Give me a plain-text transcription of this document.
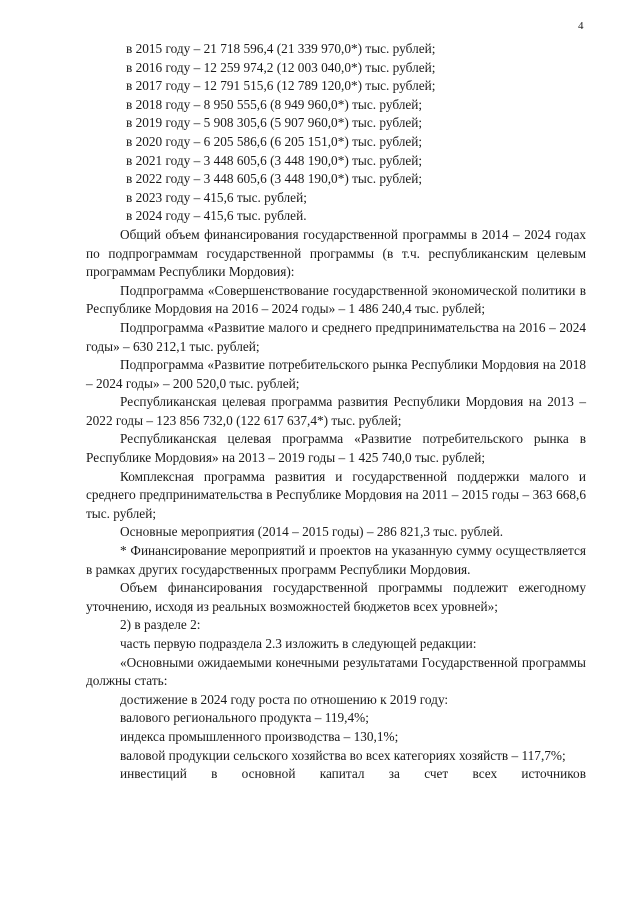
4
в 2015 году – 21 718 596,4 (21 339 970,0*) тыс. рублей;
в 2016 году – 12 259 974,2 (12 003 040,0*) тыс. рублей;
в 2017 году – 12 791 515,6 (12 789 120,0*) тыс. рублей;
в 2018 году – 8 950 555,6 (8 949 960,0*) тыс. рублей;
в 2019 году – 5 908 305,6 (5 907 960,0*) тыс. рублей;
в 2020 году – 6 205 586,6 (6 205 151,0*) тыс. рублей;
в 2021 году – 3 448 605,6 (3 448 190,0*) тыс. рублей;
в 2022 году – 3 448 605,6 (3 448 190,0*) тыс. рублей;
в 2023 году – 415,6 тыс. рублей;
в 2024 году – 415,6 тыс. рублей.
Общий объем финансирования государственной программы в 2014 – 2024 годах по подпрограммам государственной программы (в т.ч. республиканским целевым программам Республики Мордовия):
Подпрограмма «Совершенствование государственной экономической политики в Республике Мордовия на 2016 – 2024 годы» – 1 486 240,4 тыс. рублей;
Подпрограмма «Развитие малого и среднего предпринимательства на 2016 – 2024 годы» – 630 212,1 тыс. рублей;
Подпрограмма «Развитие потребительского рынка Республики Мордовия на 2018 – 2024 годы» – 200 520,0 тыс. рублей;
Республиканская целевая программа развития Республики Мордовия на 2013 – 2022 годы – 123 856 732,0 (122 617 637,4*) тыс. рублей;
Республиканская целевая программа «Развитие потребительского рынка в Республике Мордовия» на 2013 – 2019 годы – 1 425 740,0 тыс. рублей;
Комплексная программа развития и государственной поддержки малого и среднего предпринимательства в Республике Мордовия на 2011 – 2015 годы – 363 668,6 тыс. рублей;
Основные мероприятия (2014 – 2015 годы) – 286 821,3 тыс. рублей.
* Финансирование мероприятий и проектов на указанную сумму осуществляется в рамках других государственных программ Республики Мордовия.
Объем финансирования государственной программы подлежит ежегодному уточнению, исходя из реальных возможностей бюджетов всех уровней»;
2) в разделе 2:
часть первую подраздела 2.3 изложить в следующей редакции:
«Основными ожидаемыми конечными результатами Государственной программы должны стать:
достижение в 2024 году роста по отношению к 2019 году:
валового регионального продукта – 119,4%;
индекса промышленного производства – 130,1%;
валовой продукции сельского хозяйства во всех категориях хозяйств – 117,7%;
инвестиций в основной капитал за счет всех источников
